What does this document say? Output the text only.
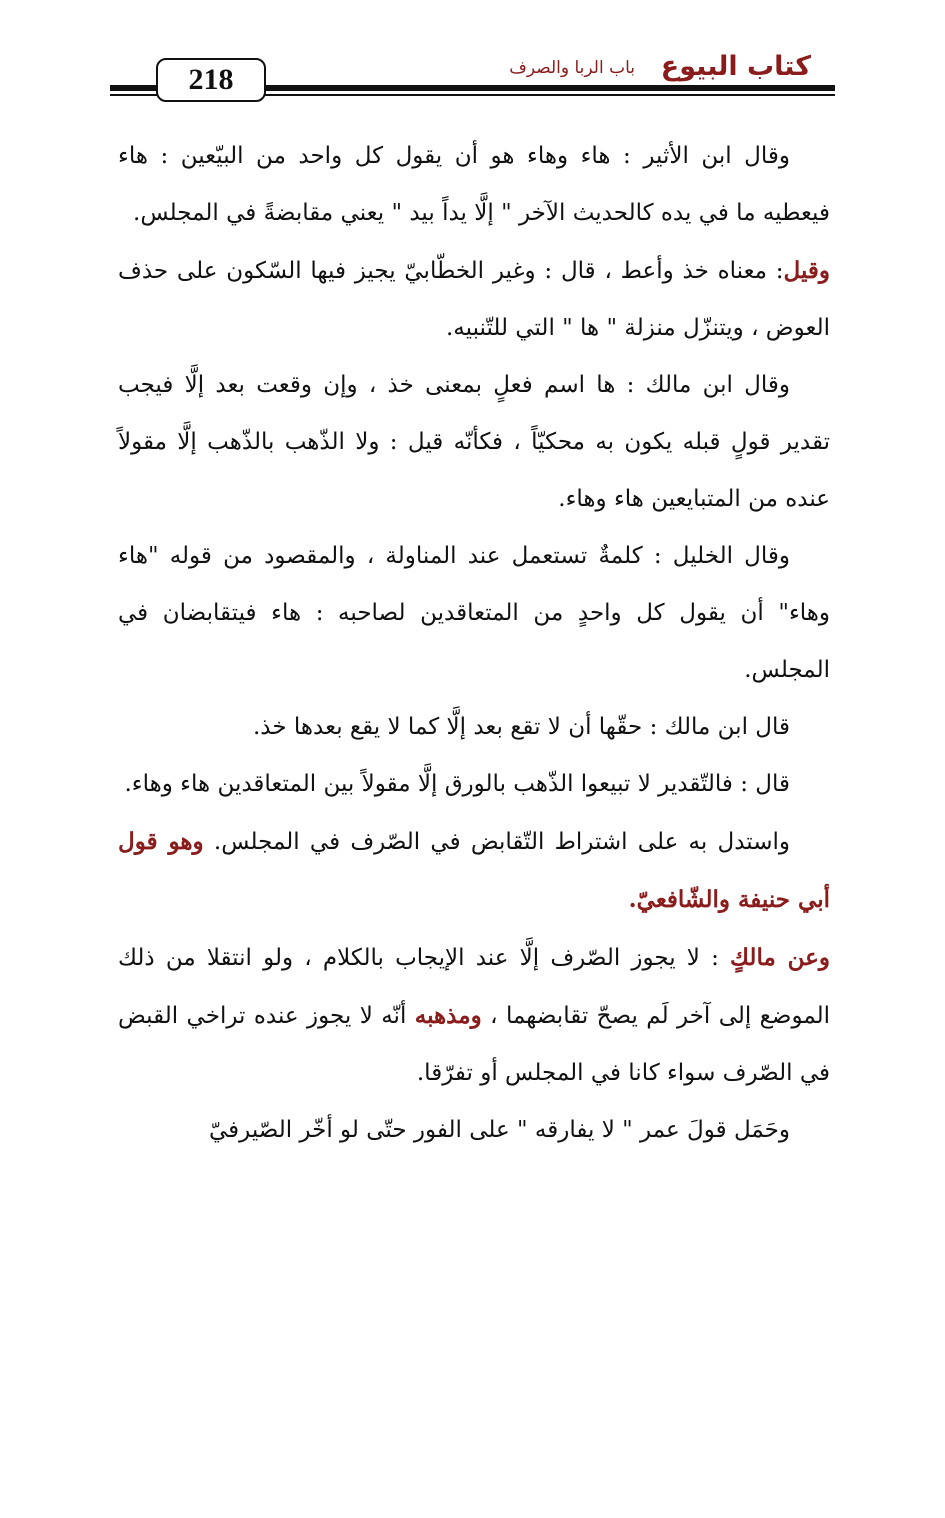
218	كتاب البيوع
باب الربا والصرف

وقال ابن الأثير : هاء وهاء هو أن يقول كل واحد من البيّعين : هاء فيعطيه ما في يده كالحديث الآخر " إلَّا يداً بيد " يعني مقابضةً في المجلس.

وقيل: معناه خذ وأعط ، قال : وغير الخطّابيّ يجيز فيها السّكون على حذف العوض ، ويتنزّل منزلة " ها " التي للتّنبيه.

وقال ابن مالك : ها اسم فعلٍ بمعنى خذ ، وإن وقعت بعد إلَّا فيجب تقدير قولٍ قبله يكون به محكيّاً ، فكأنّه قيل : ولا الذّهب بالذّهب إلَّا مقولاً عنده من المتبايعين هاء وهاء.

وقال الخليل : كلمةٌ تستعمل عند المناولة ، والمقصود من قوله "هاء وهاء" أن يقول كل واحدٍ من المتعاقدين لصاحبه : هاء فيتقابضان في المجلس.

قال ابن مالك : حقّها أن لا تقع بعد إلَّا كما لا يقع بعدها خذ.

قال : فالتّقدير لا تبيعوا الذّهب بالورق إلَّا مقولاً بين المتعاقدين هاء وهاء.

واستدل به على اشتراط التّقابض في الصّرف في المجلس. وهو قول أبي حنيفة والشّافعيّ.

وعن مالكٍ : لا يجوز الصّرف إلَّا عند الإيجاب بالكلام ، ولو انتقلا من ذلك الموضع إلى آخر لَم يصحّ تقابضهما ، ومذهبه أنّه لا يجوز عنده تراخي القبض في الصّرف سواء كانا في المجلس أو تفرّقا.

وحَمَل قولَ عمر " لا يفارقه " على الفور حتّى لو أخّر الصّيرفيّ
